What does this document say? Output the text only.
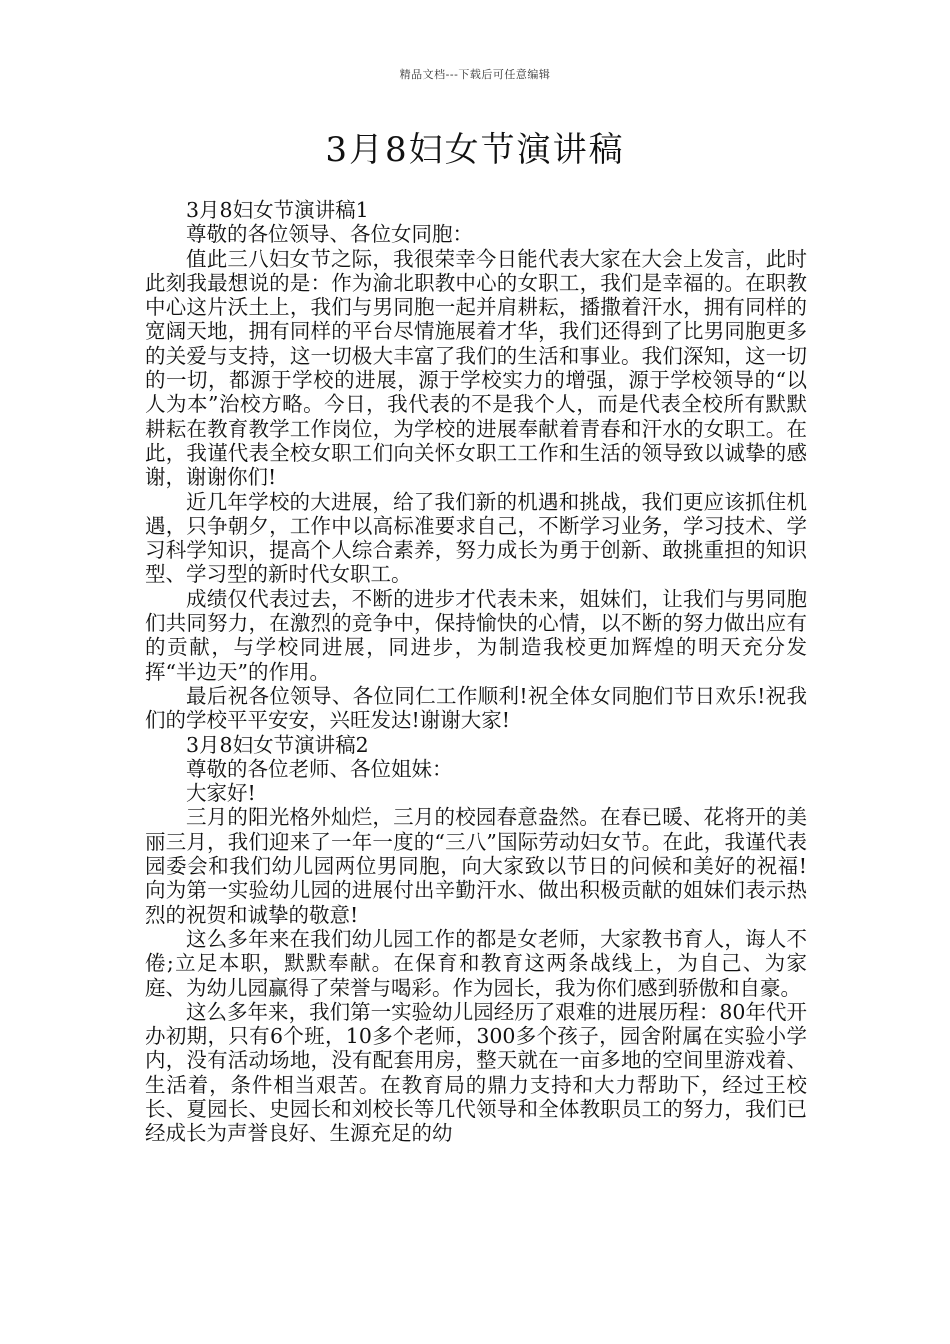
精品文档---下载后可任意编辑
3月8妇女节演讲稿

3月8妇女节演讲稿1

尊敬的各位领导、各位女同胞：

值此三八妇女节之际，我很荣幸今日能代表大家在大会上发言，此时此刻我最想说的是：作为渝北职教中心的女职工，我们是幸福的。在职教中心这片沃土上，我们与男同胞一起并肩耕耘，播撒着汗水，拥有同样的宽阔天地，拥有同样的平台尽情施展着才华，我们还得到了比男同胞更多的关爱与支持，这一切极大丰富了我们的生活和事业。我们深知，这一切的一切，都源于学校的进展，源于学校实力的增强，源于学校领导的“以人为本”治校方略。今日，我代表的不是我个人，而是代表全校所有默默耕耘在教育教学工作岗位，为学校的进展奉献着青春和汗水的女职工。在此，我谨代表全校女职工们向关怀女职工工作和生活的领导致以诚挚的感谢，谢谢你们!

近几年学校的大进展，给了我们新的机遇和挑战，我们更应该抓住机遇，只争朝夕，工作中以高标准要求自己，不断学习业务，学习技术、学习科学知识，提高个人综合素养，努力成长为勇于创新、敢挑重担的知识型、学习型的新时代女职工。

成绩仅代表过去，不断的进步才代表未来，姐妹们，让我们与男同胞们共同努力，在激烈的竞争中，保持愉快的心情，以不断的努力做出应有的贡献，与学校同进展，同进步，为制造我校更加辉煌的明天充分发挥“半边天”的作用。

最后祝各位领导、各位同仁工作顺利!祝全体女同胞们节日欢乐!祝我们的学校平平安安，兴旺发达!谢谢大家!

3月8妇女节演讲稿2

尊敬的各位老师、各位姐妹：

大家好!

三月的阳光格外灿烂，三月的校园春意盎然。在春已暖、花将开的美丽三月，我们迎来了一年一度的“三八”国际劳动妇女节。在此，我谨代表园委会和我们幼儿园两位男同胞，向大家致以节日的问候和美好的祝福!向为第一实验幼儿园的进展付出辛勤汗水、做出积极贡献的姐妹们表示热烈的祝贺和诚挚的敬意!

这么多年来在我们幼儿园工作的都是女老师，大家教书育人，诲人不倦;立足本职，默默奉献。在保育和教育这两条战线上，为自己、为家庭、为幼儿园赢得了荣誉与喝彩。作为园长，我为你们感到骄傲和自豪。

这么多年来，我们第一实验幼儿园经历了艰难的进展历程：80年代开办初期，只有6个班，10多个老师，300多个孩子，园舍附属在实验小学内，没有活动场地，没有配套用房，整天就在一亩多地的空间里游戏着、生活着，条件相当艰苦。在教育局的鼎力支持和大力帮助下，经过王校长、夏园长、史园长和刘校长等几代领导和全体教职员工的努力，我们已经成长为声誉良好、生源充足的幼
